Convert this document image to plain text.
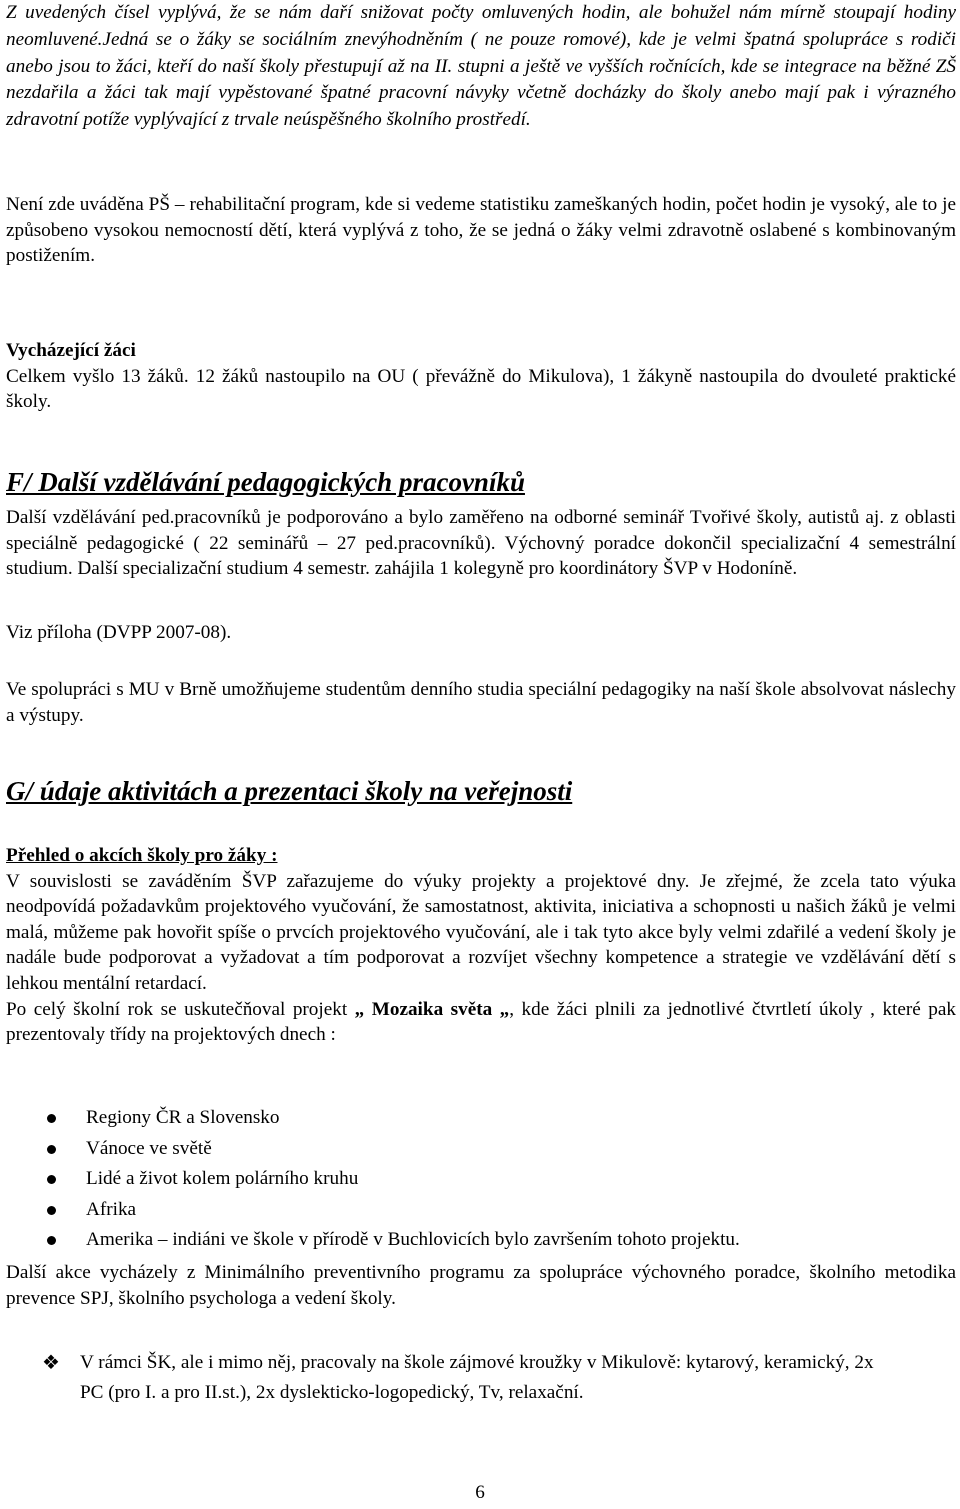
Z uvedených čísel vyplývá, že se nám daří snižovat počty omluvených hodin, ale bohužel nám mírně stoupají hodiny neomluvené.Jedná se o žáky se sociálním znevýhodněním ( ne pouze romové), kde je velmi špatná spolupráce s rodiči anebo jsou to žáci, kteří do naší školy přestupují až na II. stupni a ještě ve vyšších ročnících, kde se integrace na běžné ZŠ nezdařila a žáci tak mají vypěstované špatné pracovní návyky včetně docházky do školy anebo mají pak i výrazného zdravotní potíže vyplývající z trvale neúspěšného školního prostředí.

Není zde uváděna PŠ – rehabilitační program, kde si vedeme statistiku zameškaných hodin, počet hodin je vysoký, ale to je způsobeno vysokou nemocností dětí, která vyplývá z toho, že se jedná o žáky velmi zdravotně oslabené s kombinovaným postižením.

Vycházející žáci
Celkem vyšlo 13 žáků. 12 žáků nastoupilo na OU ( převážně do Mikulova), 1 žákyně nastoupila do dvouleté praktické školy.
F/ Další vzdělávání pedagogických pracovníků

Další vzdělávání ped.pracovníků je podporováno a bylo zaměřeno na odborné seminář Tvořivé školy, autistů aj. z oblasti speciálně pedagogické ( 22 seminářů – 27 ped.pracovníků). Výchovný poradce dokončil specializační 4 semestrální studium. Další specializační studium 4 semestr. zahájila 1 kolegyně pro koordinátory ŠVP v Hodoníně.

Viz příloha (DVPP 2007-08).

Ve spolupráci s MU v Brně umožňujeme studentům denního studia speciální pedagogiky na naší škole absolvovat náslechy a výstupy.

G/ údaje aktivitách a prezentaci školy na veřejnosti
Přehled o akcích školy pro žáky :
V souvislosti se zaváděním ŠVP zařazujeme do výuky projekty a projektové dny. Je zřejmé, že zcela tato výuka neodpovídá požadavkům projektového vyučování, že samostatnost, aktivita, iniciativa a schopnosti u našich žáků je velmi malá, můžeme pak hovořit spíše o prvcích projektového vyučování, ale i tak tyto akce byly velmi zdařilé a vedení školy je nadále bude podporovat a vyžadovat a tím podporovat a rozvíjet všechny kompetence a strategie ve vzdělávání dětí s lehkou mentální retardací.
Po celý školní rok se uskutečňoval projekt „ Mozaika světa „, kde žáci plnili za jednotlivé čtvrtletí úkoly , které pak prezentovaly třídy na projektových dnech :
Regiony ČR a Slovensko
Vánoce ve světě
Lidé a život kolem polárního kruhu
Afrika
Amerika – indiáni ve škole v přírodě v Buchlovicích bylo završením tohoto projektu.

Další akce vycházely z Minimálního preventivního programu za spolupráce výchovného poradce, školního metodika prevence SPJ, školního psychologa a vedení školy.

❖ V rámci ŠK, ale i mimo něj, pracovaly na škole zájmové kroužky v Mikulově: kytarový, keramický, 2x PC (pro I. a pro II.st.), 2x dyslekticko-logopedický, Tv, relaxační.

6
